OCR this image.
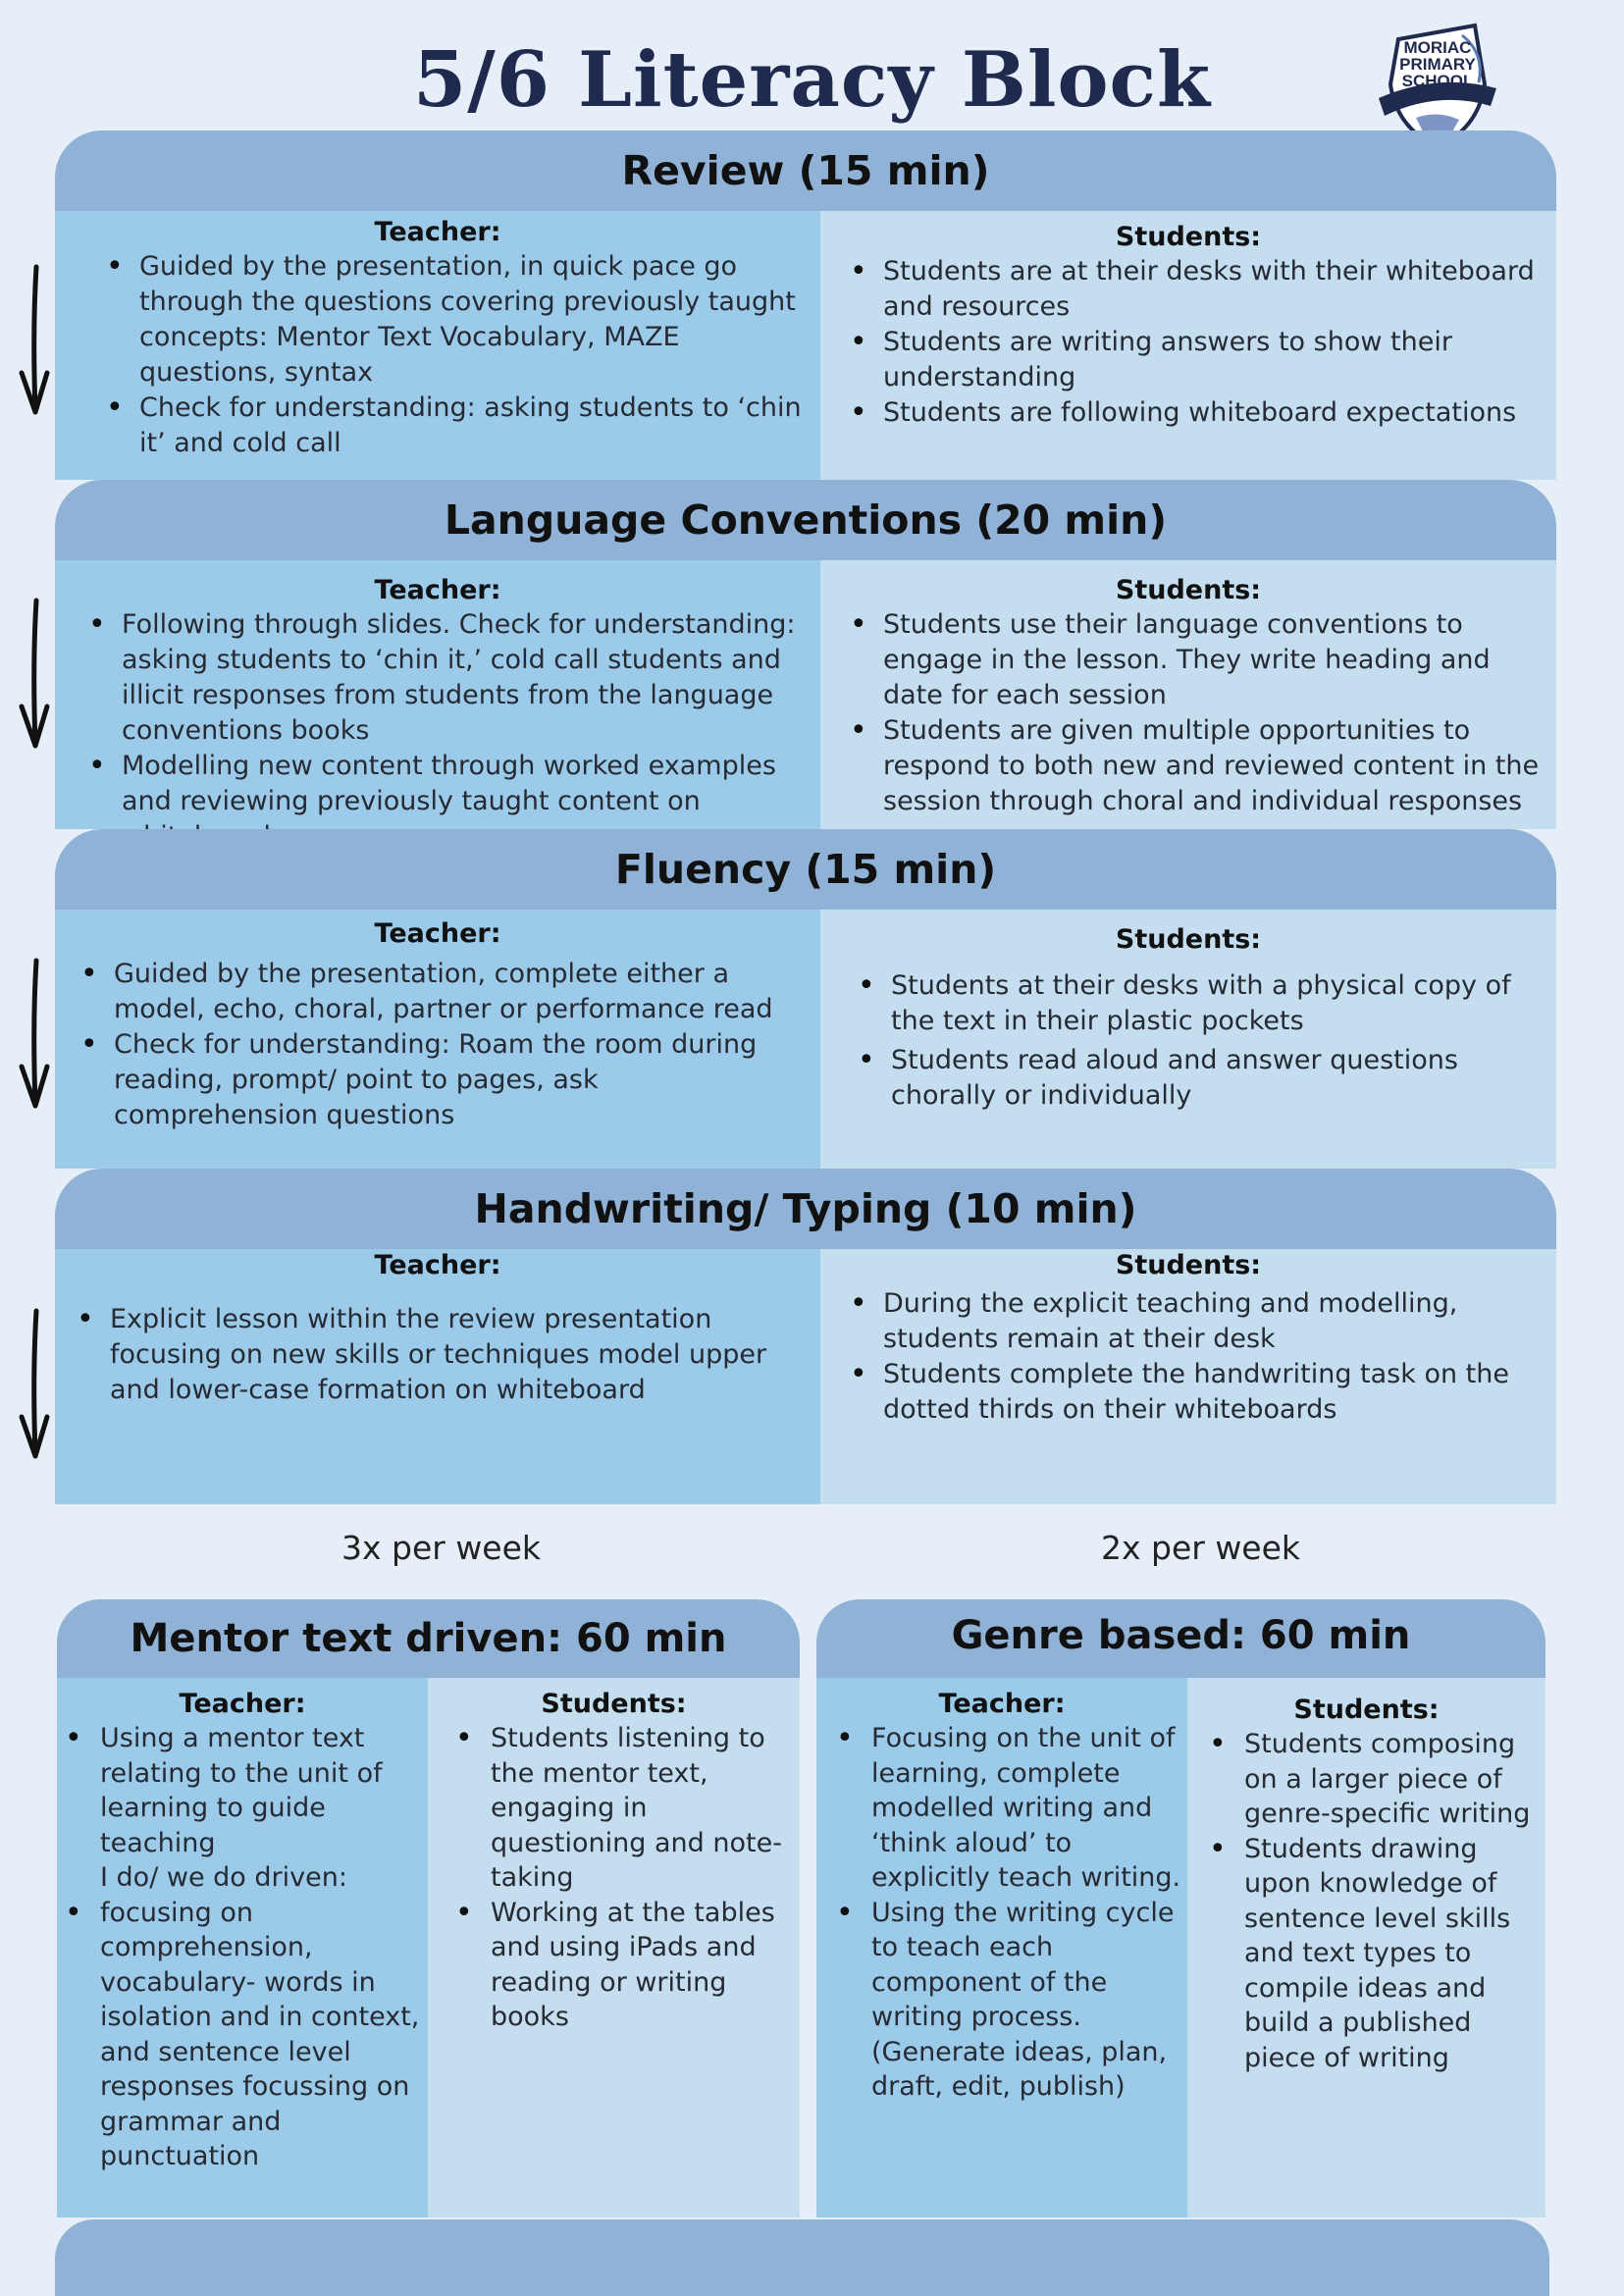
5/6 Literacy Block	MORIAC
PRIMARY
SCHOOL
Review (15 min)
Teacher:
• Guided by the presentation, in quick pace go through the questions covering previously taught concepts: Mentor Text Vocabulary, MAZE questions, syntax
• Check for understanding: asking students to ‘chin it’ and cold call
Students:
• Students are at their desks with their whiteboard and resources
• Students are writing answers to show their understanding
• Students are following whiteboard expectations
Language Conventions (20 min)
Teacher:
• Following through slides. Check for understanding: asking students to ‘chin it,’ cold call students and illicit responses from students from the language conventions books
• Modelling new content through worked examples and reviewing previously taught content on
Students:
• Students use their language conventions to engage in the lesson. They write heading and date for each session
• Students are given multiple opportunities to respond to both new and reviewed content in the session through choral and individual responses
Fluency (15 min)
Teacher:
• Guided by the presentation, complete either a model, echo, choral, partner or performance read
• Check for understanding: Roam the room during reading, prompt/ point to pages, ask comprehension questions
Students:
• Students at their desks with a physical copy of the text in their plastic pockets
• Students read aloud and answer questions chorally or individually
Handwriting/ Typing (10 min)
Teacher:
• Explicit lesson within the review presentation focusing on new skills or techniques model upper and lower-case formation on whiteboard
Students:
• During the explicit teaching and modelling, students remain at their desk
• Students complete the handwriting task on the dotted thirds on their whiteboards
3x per week	2x per week
Mentor text driven: 60 min
Teacher:
• Using a mentor text relating to the unit of learning to guide teaching
I do/ we do driven:
• focusing on comprehension, vocabulary- words in isolation and in context, and sentence level responses focussing on grammar and punctuation
Students:
• Students listening to the mentor text, engaging in questioning and note-taking
• Working at the tables and using iPads and reading or writing books
Genre based: 60 min
Teacher:
• Focusing on the unit of learning, complete modelled writing and ‘think aloud’ to explicitly teach writing.
• Using the writing cycle to teach each component of the writing process. (Generate ideas, plan, draft, edit, publish)
Students:
• Students composing on a larger piece of genre-specific writing
• Students drawing upon knowledge of sentence level skills and text types to compile ideas and build a published piece of writing
